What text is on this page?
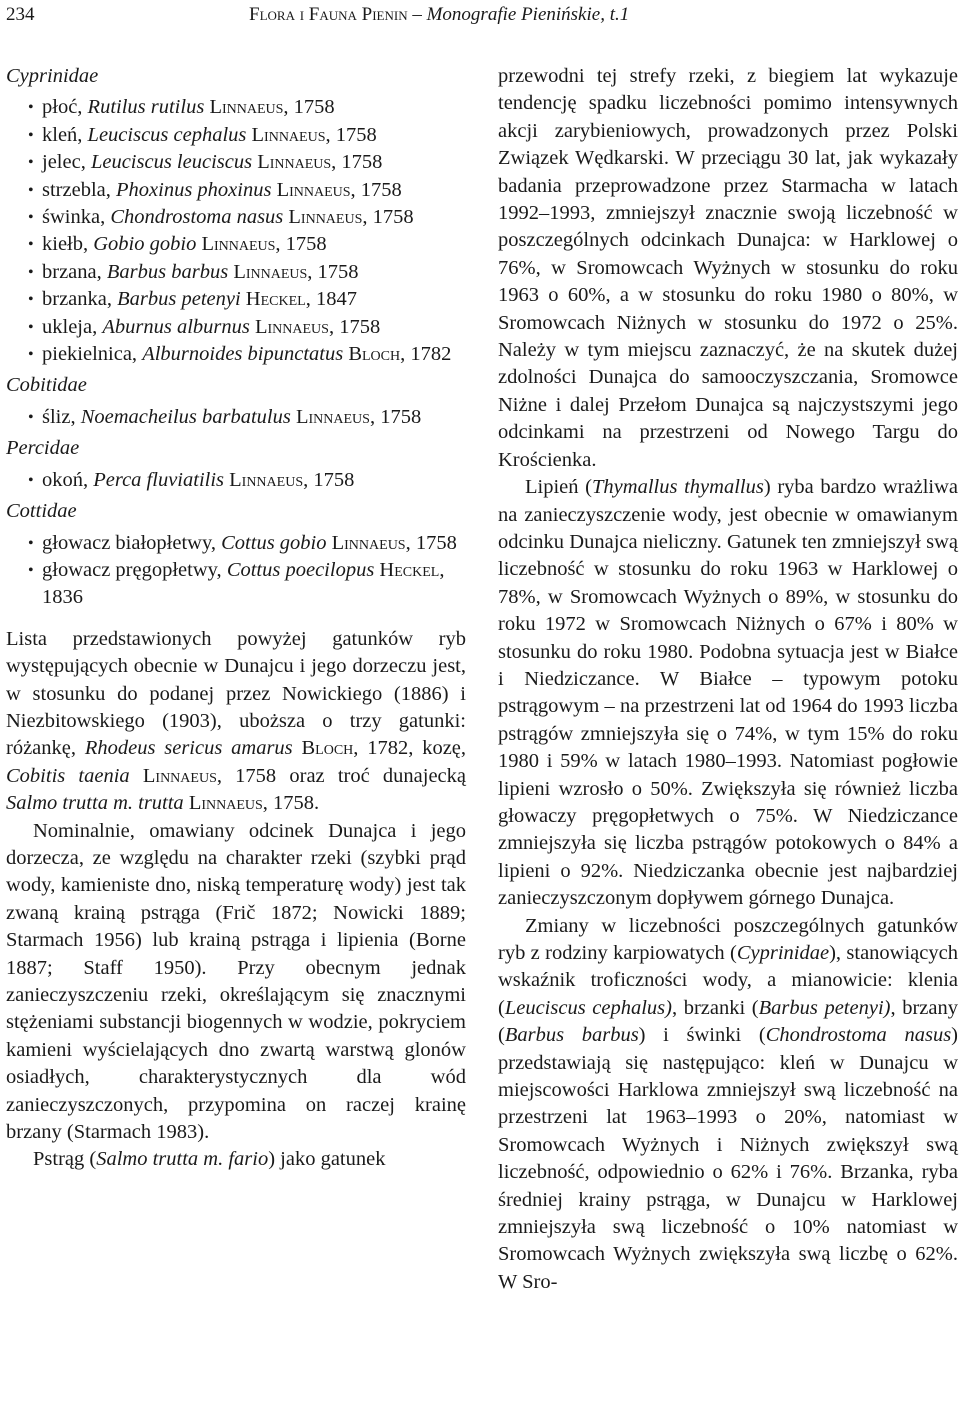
234	Flora i Fauna Pienin – Monografie Pienińskie, t.1
Cyprinidae
• płoć, Rutilus rutilus Linnaeus, 1758
• kleń, Leuciscus cephalus Linnaeus, 1758
• jelec, Leuciscus leuciscus Linnaeus, 1758
• strzebla, Phoxinus phoxinus Linnaeus, 1758
• świnka, Chondrostoma nasus Linnaeus, 1758
• kiełb, Gobio gobio Linnaeus, 1758
• brzana, Barbus barbus Linnaeus, 1758
• brzanka, Barbus petenyi Heckel, 1847
• ukleja, Aburnus alburnus Linnaeus, 1758
• piekielnica, Alburnoides bipunctatus Bloch, 1782
Cobitidae
• śliz, Noemacheilus barbatulus Linnaeus, 1758
Percidae
• okoń, Perca fluviatilis Linnaeus, 1758
Cottidae
• głowacz białopłetwy, Cottus gobio Linnaeus, 1758
• głowacz pręgopłetwy, Cottus poecilopus Heckel, 1836

Lista przedstawionych powyżej gatunków ryb występujących obecnie w Dunajcu i jego dorzeczu jest, w stosunku do podanej przez Nowickiego (1886) i Niezbitowskiego (1903), uboższa o trzy gatunki: różankę, Rhodeus sericus amarus Bloch, 1782, kozę, Cobitis taenia Linnaeus, 1758 oraz troć dunajecką Salmo trutta m. trutta Linnaeus, 1758.

Nominalnie, omawiany odcinek Dunajca i jego dorzecza, ze względu na charakter rzeki (szybki prąd wody, kamieniste dno, niską temperaturę wody) jest tak zwaną krainą pstrąga (Frič 1872; Nowicki 1889; Starmach 1956) lub krainą pstrąga i lipienia (Borne 1887; Staff 1950). Przy obecnym jednak zanieczyszczeniu rzeki, określającym się znacznymi stężeniami substancji biogennych w wodzie, pokryciem kamieni wyścielających dno zwartą warstwą glonów osiadłych, charakterystycznych dla wód zanieczyszczonych, przypomina on raczej krainę brzany (Starmach 1983).

Pstrąg (Salmo trutta m. fario) jako gatunek

przewodni tej strefy rzeki, z biegiem lat wykazuje tendencję spadku liczebności pomimo intensywnych akcji zarybieniowych, prowadzonych przez Polski Związek Wędkarski. W przeciągu 30 lat, jak wykazały badania przeprowadzone przez Starmacha w latach 1992–1993, zmniejszył znacznie swoją liczebność w poszczególnych odcinkach Dunajca: w Harklowej o 76%, w Sromowcach Wyżnych w stosunku do roku 1963 o 60%, a w stosunku do roku 1980 o 80%, w Sromowcach Niżnych w stosunku do 1972 o 25%. Należy w tym miejscu zaznaczyć, że na skutek dużej zdolności Dunajca do samooczyszczania, Sromowce Niżne i dalej Przełom Dunajca są najczystszymi jego odcinkami na przestrzeni od Nowego Targu do Krościenka.

Lipień (Thymallus thymallus) ryba bardzo wrażliwa na zanieczyszczenie wody, jest obecnie w omawianym odcinku Dunajca nieliczny. Gatunek ten zmniejszył swą liczebność w stosunku do roku 1963 w Harklowej o 78%, w Sromowcach Wyżnych o 89%, w stosunku do roku 1972 w Sromowcach Niżnych o 67% i 80% w stosunku do roku 1980. Podobna sytuacja jest w Białce i Niedziczance. W Białce – typowym potoku pstrągowym – na przestrzeni lat od 1964 do 1993 liczba pstrągów zmniejszyła się o 74%, w tym 15% do roku 1980 i 59% w latach 1980–1993. Natomiast pogłowie lipieni wzrosło o 50%. Zwiększyła się również liczba głowaczy pręgopłetwych o 75%. W Niedziczance zmniejszyła się liczba pstrągów potokowych o 84% a lipieni o 92%. Niedziczanka obecnie jest najbardziej zanieczyszczonym dopływem górnego Dunajca.

Zmiany w liczebności poszczególnych gatunków ryb z rodziny karpiowatych (Cyprinidae), stanowiących wskaźnik troficzności wody, a mianowicie: klenia (Leuciscus cephalus), brzanki (Barbus petenyi), brzany (Barbus barbus) i świnki (Chondrostoma nasus) przedstawiają się następująco: kleń w Dunajcu w miejscowości Harklowa zmniejszył swą liczebność na przestrzeni lat 1963–1993 o 20%, natomiast w Sromowcach Wyżnych i Niżnych zwiększył swą liczebność, odpowiednio o 62% i 76%. Brzanka, ryba średniej krainy pstrąga, w Dunajcu w Harklowej zmniejszyła swą liczebność o 10% natomiast w Sromowcach Wyżnych zwiększyła swą liczbę o 62%. W Sro-
